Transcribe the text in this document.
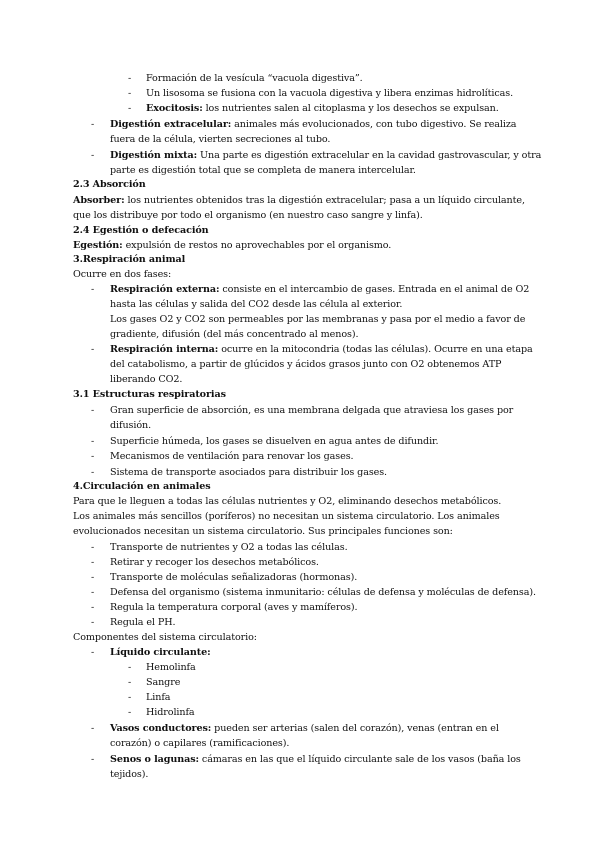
- Formación de la vesícula “vacuola digestiva”.
- Un lisosoma se fusiona con la vacuola digestiva y libera enzimas hidrolíticas.
- Exocitosis: los nutrientes salen al citoplasma y los desechos se expulsan.
- Digestión extracelular: animales más evolucionados, con tubo digestivo. Se realiza
fuera de la célula, vierten secreciones al tubo.
- Digestión mixta: Una parte es digestión extracelular en la cavidad gastrovascular, y otra
parte es digestión total que se completa de manera intercelular.
2.3 Absorción
Absorber: los nutrientes obtenidos tras la digestión extracelular; pasa a un líquido circulante,
que los distribuye por todo el organismo (en nuestro caso sangre y linfa).
2.4 Egestión o defecación
Egestión: expulsión de restos no aprovechables por el organismo.
3.Respiración animal
Ocurre en dos fases:
- Respiración externa: consiste en el intercambio de gases. Entrada en el animal de O2
hasta las células y salida del CO2 desde las célula al exterior.
Los gases O2 y CO2 son permeables por las membranas y pasa por el medio a favor de
gradiente, difusión (del más concentrado al menos).
- Respiración interna: ocurre en la mitocondria (todas las células). Ocurre en una etapa
del catabolismo, a partir de glúcidos y ácidos grasos junto con O2 obtenemos ATP
liberando CO2.
3.1 Estructuras respiratorias
- Gran superficie de absorción, es una membrana delgada que atraviesa los gases por
difusión.
- Superficie húmeda, los gases se disuelven en agua antes de difundir.
- Mecanismos de ventilación para renovar los gases.
- Sistema de transporte asociados para distribuir los gases.
4.Circulación en animales
Para que le lleguen a todas las células nutrientes y O2, eliminando desechos metabólicos.
Los animales más sencillos (poríferos) no necesitan un sistema circulatorio. Los animales
evolucionados necesitan un sistema circulatorio. Sus principales funciones son:
- Transporte de nutrientes y O2 a todas las células.
- Retirar y recoger los desechos metabólicos.
- Transporte de moléculas señalizadoras (hormonas).
- Defensa del organismo (sistema inmunitario: células de defensa y moléculas de defensa).
- Regula la temperatura corporal (aves y mamíferos).
- Regula el PH.
Componentes del sistema circulatorio:
- Líquido circulante:
- Hemolinfa
- Sangre
- Linfa
- Hidrolinfa
- Vasos conductores: pueden ser arterias (salen del corazón), venas (entran en el
corazón) o capilares (ramificaciones).
- Senos o lagunas: cámaras en las que el líquido circulante sale de los vasos (baña los
tejidos).
